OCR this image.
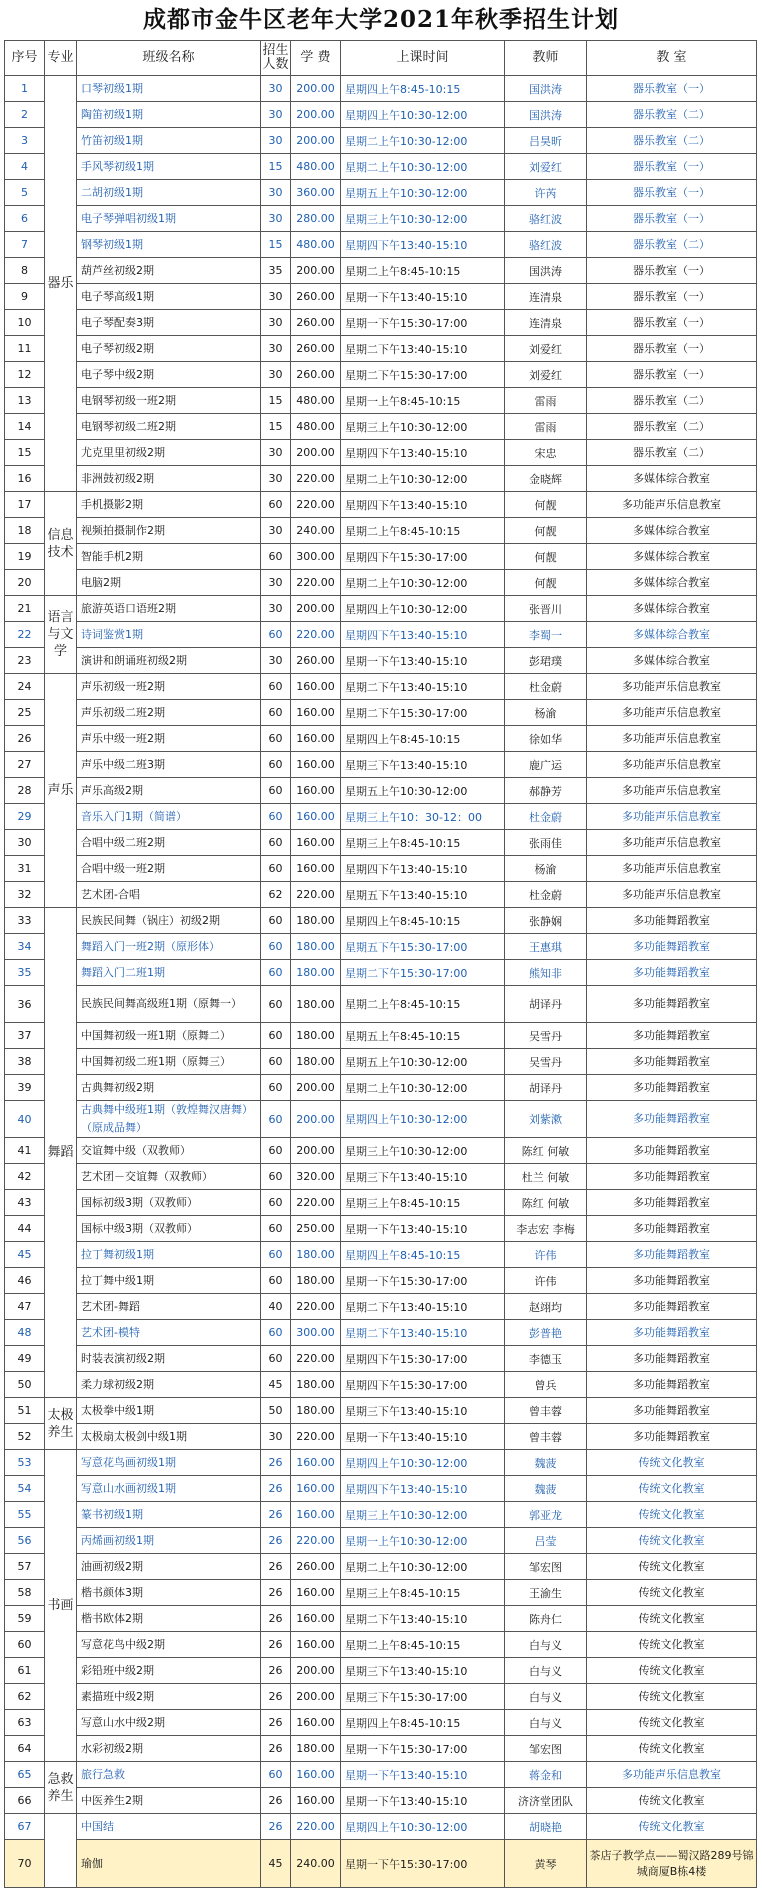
成都市金牛区老年大学2021年秋季招生计划
序号	专业	班级名称	招生人数	学 费	上课时间	教师	教 室
1	器乐	口琴初级1期	30	200.00	星期四上午8:45-10:15	国洪涛	器乐教室（一）
2		陶笛初级1期	30	200.00	星期四上午10:30-12:00	国洪涛	器乐教室（二）
3		竹笛初级1期	30	200.00	星期二上午10:30-12:00	吕昊昕	器乐教室（二）
4		手风琴初级1期	15	480.00	星期二上午10:30-12:00	刘爱红	器乐教室（一）
5		二胡初级1期	30	360.00	星期五上午10:30-12:00	许芮	器乐教室（一）
6		电子琴弹唱初级1期	30	280.00	星期三上午10:30-12:00	骆红波	器乐教室（一）
7		钢琴初级1期	15	480.00	星期四下午13:40-15:10	骆红波	器乐教室（二）
8		葫芦丝初级2期	35	200.00	星期二上午8:45-10:15	国洪涛	器乐教室（一）
9		电子琴高级1期	30	260.00	星期一下午13:40-15:10	连清泉	器乐教室（一）
10		电子琴配奏3期	30	260.00	星期一下午15:30-17:00	连清泉	器乐教室（一）
11		电子琴初级2期	30	260.00	星期二下午13:40-15:10	刘爱红	器乐教室（一）
12		电子琴中级2期	30	260.00	星期二下午15:30-17:00	刘爱红	器乐教室（一）
13		电钢琴初级一班2期	15	480.00	星期一上午8:45-10:15	雷雨	器乐教室（二）
14		电钢琴初级二班2期	15	480.00	星期三上午10:30-12:00	雷雨	器乐教室（二）
15		尤克里里初级2期	30	200.00	星期四下午13:40-15:10	宋忠	器乐教室（二）
16		非洲鼓初级2期	30	220.00	星期二上午10:30-12:00	金晓辉	多媒体综合教室
17	信息技术	手机摄影2期	60	220.00	星期四下午13:40-15:10	何靓	多功能声乐信息教室
18		视频拍摄制作2期	30	240.00	星期二上午8:45-10:15	何靓	多媒体综合教室
19		智能手机2期	60	300.00	星期四下午15:30-17:00	何靓	多媒体综合教室
20		电脑2期	30	220.00	星期二上午10:30-12:00	何靓	多媒体综合教室
21	语言与文学	旅游英语口语班2期	30	200.00	星期四上午10:30-12:00	张晋川	多媒体综合教室
22		诗词鉴赏1期	60	220.00	星期四下午13:40-15:10	李蜀一	多媒体综合教室
23		演讲和朗诵班初级2期	30	260.00	星期一下午13:40-15:10	彭珺璞	多媒体综合教室
24	声乐	声乐初级一班2期	60	160.00	星期二下午13:40-15:10	杜金蔚	多功能声乐信息教室
25		声乐初级二班2期	60	160.00	星期二下午15:30-17:00	杨渝	多功能声乐信息教室
26		声乐中级一班2期	60	160.00	星期四上午8:45-10:15	徐如华	多功能声乐信息教室
27		声乐中级二班3期	60	160.00	星期三下午13:40-15:10	鹿广运	多功能声乐信息教室
28		声乐高级2期	60	160.00	星期五上午10:30-12:00	郝静芳	多功能声乐信息教室
29		音乐入门1期（简谱）	60	160.00	星期三上午10：30-12：00	杜金蔚	多功能声乐信息教室
30		合唱中级二班2期	60	160.00	星期三上午8:45-10:15	张雨佳	多功能声乐信息教室
31		合唱中级一班2期	60	160.00	星期四下午13:40-15:10	杨渝	多功能声乐信息教室
32		艺术团-合唱	62	220.00	星期五下午13:40-15:10	杜金蔚	多功能声乐信息教室
33	舞蹈	民族民间舞（锅庄）初级2期	60	180.00	星期四上午8:45-10:15	张静娴	多功能舞蹈教室
34		舞蹈入门一班2期（原形体）	60	180.00	星期五下午15:30-17:00	王惠琪	多功能舞蹈教室
35		舞蹈入门二班1期	60	180.00	星期二下午15:30-17:00	熊知非	多功能舞蹈教室
36		民族民间舞高级班1期（原舞一）	60	180.00	星期二上午8:45-10:15	胡译丹	多功能舞蹈教室
37		中国舞初级一班1期（原舞二）	60	180.00	星期五上午8:45-10:15	吴雪丹	多功能舞蹈教室
38		中国舞初级二班1期（原舞三）	60	180.00	星期五上午10:30-12:00	吴雪丹	多功能舞蹈教室
39		古典舞初级2期	60	200.00	星期二上午10:30-12:00	胡译丹	多功能舞蹈教室
40		古典舞中级班1期（敦煌舞汉唐舞）（原成品舞）	60	200.00	星期四上午10:30-12:00	刘紫漱	多功能舞蹈教室
41		交谊舞中级（双教师）	60	200.00	星期三上午10:30-12:00	陈红 何敏	多功能舞蹈教室
42		艺术团－交谊舞（双教师）	60	320.00	星期三下午13:40-15:10	杜兰 何敏	多功能舞蹈教室
43		国标初级3期（双教师）	60	220.00	星期三上午8:45-10:15	陈红 何敏	多功能舞蹈教室
44		国标中级3期（双教师）	60	250.00	星期一下午13:40-15:10	李志宏 李梅	多功能舞蹈教室
45		拉丁舞初级1期	60	180.00	星期四上午8:45-10:15	许伟	多功能舞蹈教室
46		拉丁舞中级1期	60	180.00	星期一下午15:30-17:00	许伟	多功能舞蹈教室
47		艺术团-舞蹈	40	220.00	星期二下午13:40-15:10	赵翊均	多功能舞蹈教室
48		艺术团-模特	60	300.00	星期二下午13:40-15:10	彭普艳	多功能舞蹈教室
49		时装表演初级2期	60	220.00	星期四下午15:30-17:00	李德玉	多功能舞蹈教室
50		柔力球初级2期	45	180.00	星期四下午15:30-17:00	曾兵	多功能舞蹈教室
51	太极养生	太极拳中级1期	50	180.00	星期三下午13:40-15:10	曾丰蓉	多功能舞蹈教室
52		太极扇太极剑中级1期	30	220.00	星期一下午13:40-15:10	曾丰蓉	多功能舞蹈教室
53	书画	写意花鸟画初级1期	26	160.00	星期四上午10:30-12:00	魏菠	传统文化教室
54		写意山水画初级1期	26	160.00	星期四下午13:40-15:10	魏菠	传统文化教室
55		篆书初级1期	26	160.00	星期三上午10:30-12:00	郭亚龙	传统文化教室
56		丙烯画初级1期	26	220.00	星期一上午10:30-12:00	吕莹	传统文化教室
57		油画初级2期	26	260.00	星期二上午10:30-12:00	邹宏图	传统文化教室
58		楷书颜体3期	26	160.00	星期三上午8:45-10:15	王渝生	传统文化教室
59		楷书欧体2期	26	160.00	星期二下午13:40-15:10	陈舟仁	传统文化教室
60		写意花鸟中级2期	26	160.00	星期二上午8:45-10:15	白与义	传统文化教室
61		彩铅班中级2期	26	200.00	星期三下午13:40-15:10	白与义	传统文化教室
62		素描班中级2期	26	200.00	星期三下午15:30-17:00	白与义	传统文化教室
63		写意山水中级2期	26	160.00	星期四上午8:45-10:15	白与义	传统文化教室
64		水彩初级2期	26	180.00	星期一下午15:30-17:00	邹宏图	传统文化教室
65	急救养生	旅行急救	60	160.00	星期一下午13:40-15:10	蒋金和	多功能声乐信息教室
66		中医养生2期	26	160.00	星期一下午13:40-15:10	济济堂团队	传统文化教室
67		中国结	26	220.00	星期四上午10:30-12:00	胡晓艳	传统文化教室
70		瑜伽	45	240.00	星期一下午15:30-17:00	黄琴	茶店子教学点——蜀汉路289号锦城商厦B栋4楼
